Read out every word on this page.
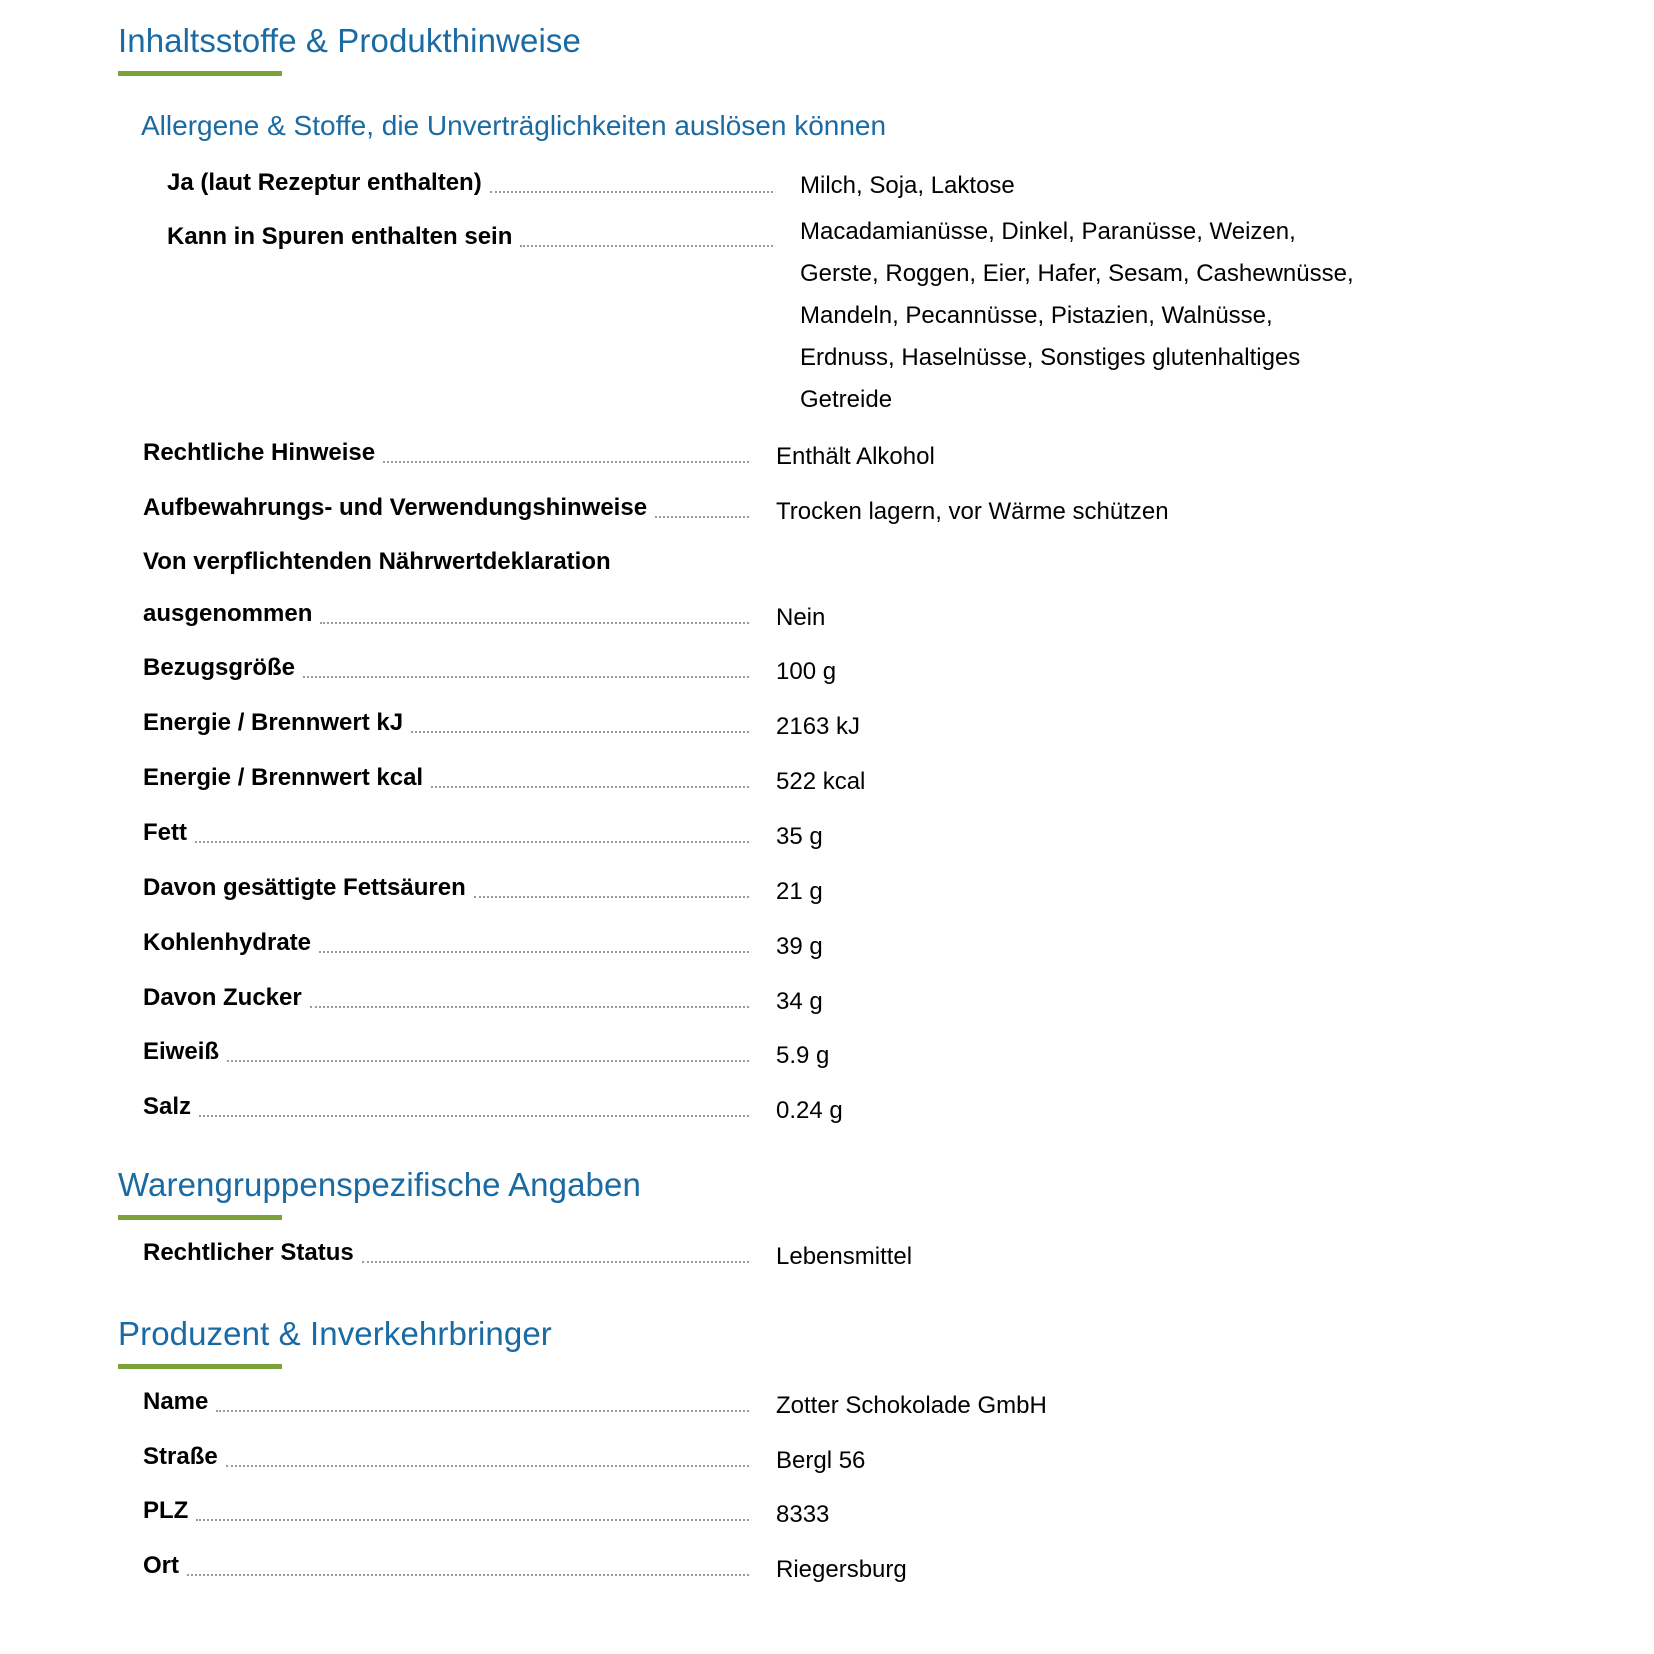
Inhaltsstoffe & Produkthinweise
Allergene & Stoffe, die Unverträglichkeiten auslösen können
Ja (laut Rezeptur enthalten)	Milch, Soja, Laktose
Kann in Spuren enthalten sein	Macadamianüsse, Dinkel, Paranüsse, Weizen, Gerste, Roggen, Eier, Hafer, Sesam, Cashewnüsse, Mandeln, Pecannüsse, Pistazien, Walnüsse, Erdnuss, Haselnüsse, Sonstiges glutenhaltiges Getreide
Rechtliche Hinweise	Enthält Alkohol
Aufbewahrungs- und Verwendungshinweise	Trocken lagern, vor Wärme schützen
Von verpflichtenden Nährwertdeklaration
ausgenommen	Nein
Bezugsgröße	100 g
Energie / Brennwert kJ	2163 kJ
Energie / Brennwert kcal	522 kcal
Fett	35 g
Davon gesättigte Fettsäuren	21 g
Kohlenhydrate	39 g
Davon Zucker	34 g
Eiweiß	5.9 g
Salz	0.24 g
Warengruppenspezifische Angaben
Rechtlicher Status	Lebensmittel
Produzent & Inverkehrbringer
Name	Zotter Schokolade GmbH
Straße	Bergl 56
PLZ	8333
Ort	Riegersburg
